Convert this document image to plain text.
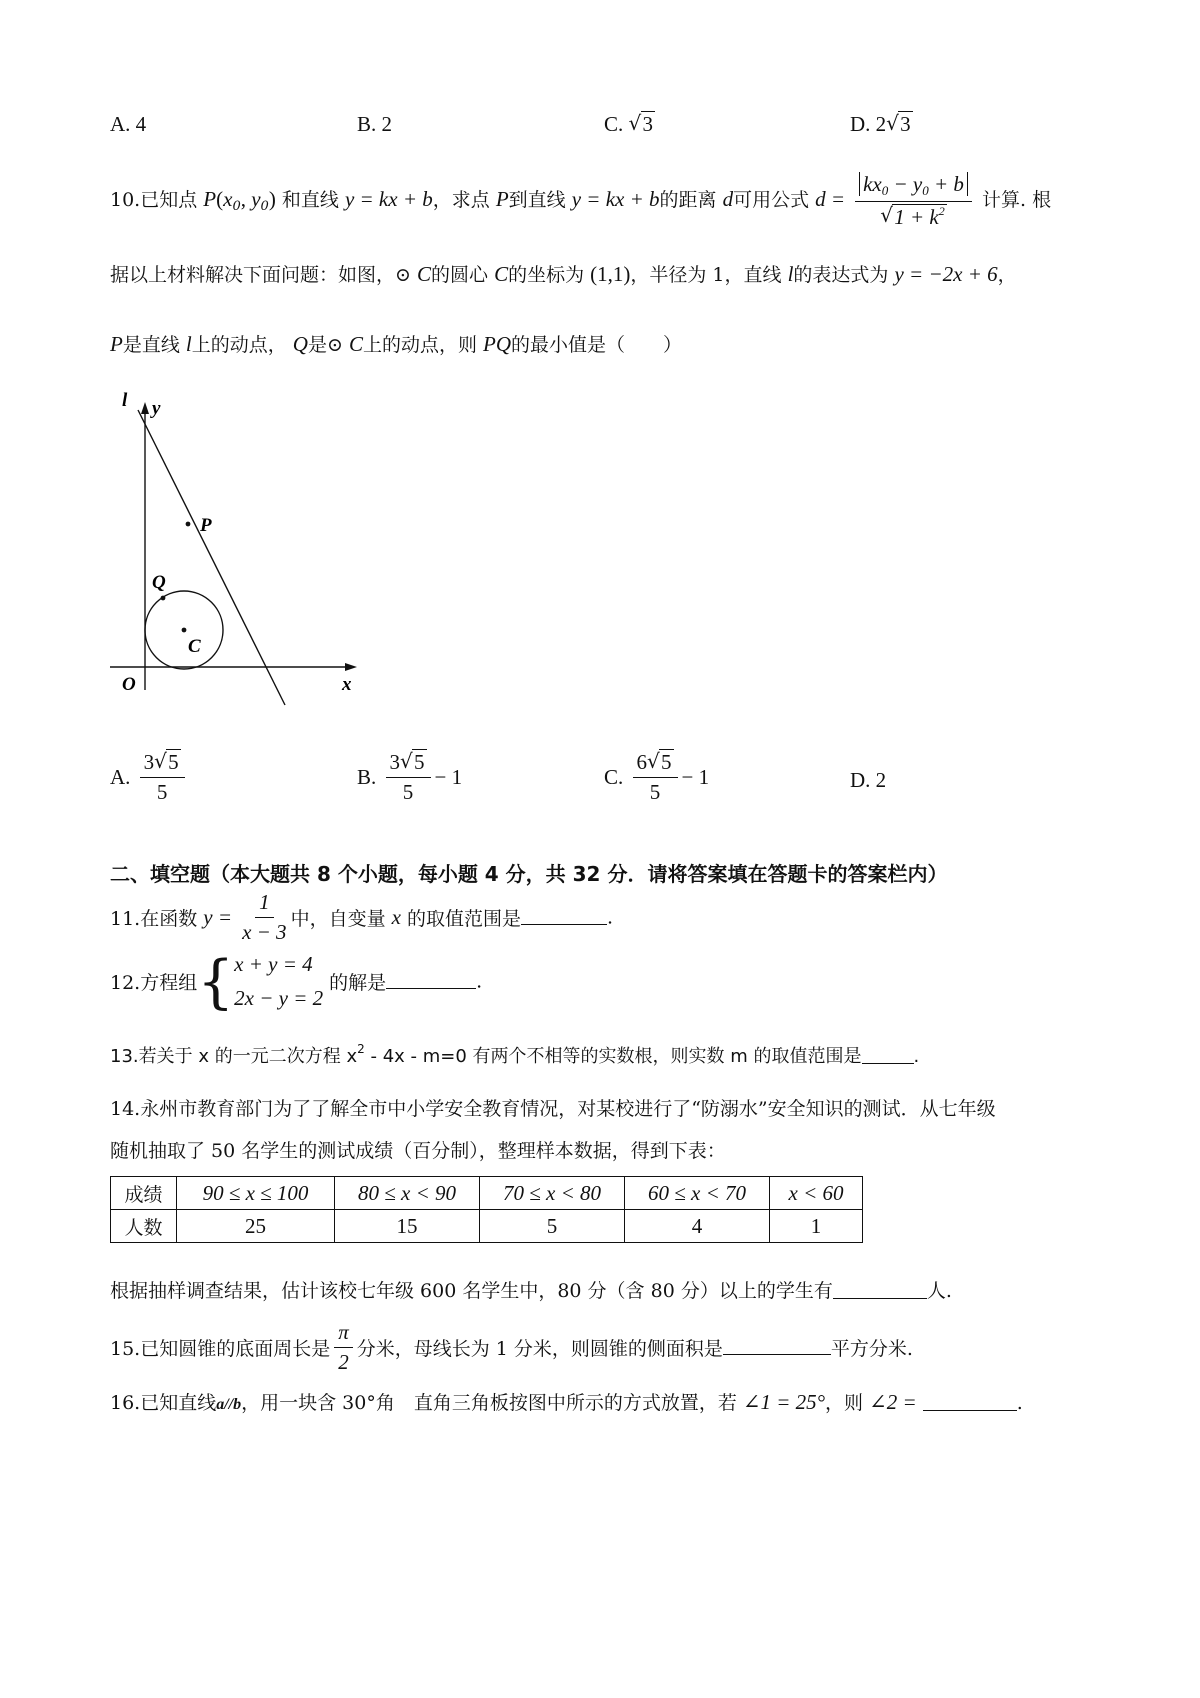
A. 4	B. 2	C. √ 3	D. 2 √ 3
10.已知点 $P(x_0$, $y_0$) 和直线 y = kx + b，求点 P到直线 y = kx + b的距离 d可用公式 $d = \frac{kx_0 - y_0 + b}{√ 1 + k^2}$ 计算. 根
据以上材料解决下面问题：如图，⊙ C的圆心 C的坐标为 (1,1)，半径为 1，直线 l的表达式为 y = −2x + 6，
P是直线 l上的动点， Q是⊙ C上的动点，则 PQ的最小值是（　　）
l y
P
Q
C
O	x
A. $\frac{3 √ 5}{5}$	B. $\frac{3 √ 5}{5} - 1$	C. $\frac{6 √ 5}{5} - 1$	D. 2
二、填空题（本大题共 8 个小题，每小题 4 分，共 32 分．请将答案填在答题卡的答案栏内）
11.在函数 $y = \frac{1}{x - 3}$ 中，自变量 x 的取值范围是	.
12.方程组{ x + y = 4
2x − y = 2
的解是	.
13.若关于 x 的一元二次方程 $x^2 - 4x - m=0$ 有两个不相等的实数根，则实数 m 的取值范围是	.
14.永州市教育部门为了了解全市中小学安全教育情况，对某校进行了“防溺水”安全知识的测试．从七年级
随机抽取了 50 名学生的测试成绩（百分制），整理样本数据，得到下表：
成绩	90 ≤ x ≤ 100	80 ≤ x < 90	70 ≤ x < 80	60 ≤ x < 70	x < 60
人数	25	15	5	4	1
根据抽样调查结果，估计该校七年级 600 名学生中，80 分（含 80 分）以上的学生有	人.
15.已知圆锥的底面周长是 $\frac{\pi}{2}$ 分米，母线长为 1 分米，则圆锥的侧面积是	平方分米.
16.已知直线a//b，用一块含 30°角　直角三角板按图中所示的方式放置，若 ∠1 = 25°，则 ∠2 =	.
